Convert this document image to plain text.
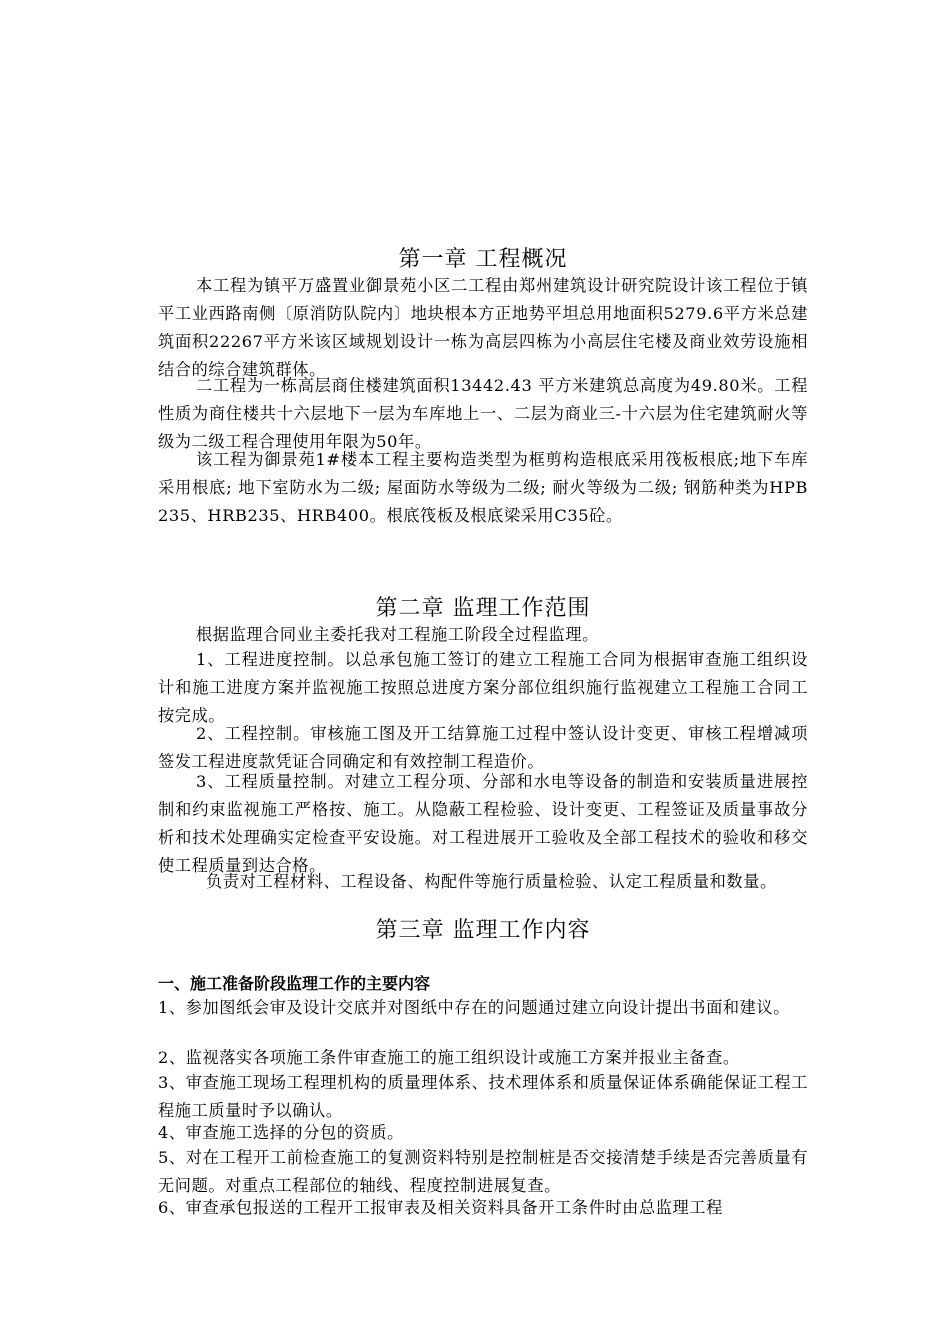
第一章 工程概况
本工程为镇平万盛置业御景苑小区二工程由郑州建筑设计研究院设计该工程位于镇平工业西路南侧〔原消防队院内〕地块根本方正地势平坦总用地面积5279.6平方米总建筑面积22267平方米该区域规划设计一栋为高层四栋为小高层住宅楼及商业效劳设施相结合的综合建筑群体。
二工程为一栋高层商住楼建筑面积13442.43 平方米建筑总高度为49.80米。工程性质为商住楼共十六层地下一层为车库地上一、二层为商业三-十六层为住宅建筑耐火等级为二级工程合理使用年限为50年。
该工程为御景苑1#楼本工程主要构造类型为框剪构造根底采用筏板根底;地下车库采用根底; 地下室防水为二级; 屋面防水等级为二级; 耐火等级为二级; 钢筋种类为HPB235、HRB235、HRB400。根底筏板及根底梁采用C35砼。
第二章 监理工作范围
根据监理合同业主委托我对工程施工阶段全过程监理。
1、工程进度控制。以总承包施工签订的建立工程施工合同为根据审查施工组织设计和施工进度方案并监视施工按照总进度方案分部位组织施行监视建立工程施工合同工按完成。
2、工程控制。审核施工图及开工结算施工过程中签认设计变更、审核工程增减项签发工程进度款凭证合同确定和有效控制工程造价。
3、工程质量控制。对建立工程分项、分部和水电等设备的制造和安装质量进展控制和约束监视施工严格按、施工。从隐蔽工程检验、设计变更、工程签证及质量事故分析和技术处理确实定检查平安设施。对工程进展开工验收及全部工程技术的验收和移交使工程质量到达合格。
负责对工程材料、工程设备、构配件等施行质量检验、认定工程质量和数量。
第三章 监理工作内容
一、施工准备阶段监理工作的主要内容
1、参加图纸会审及设计交底并对图纸中存在的问题通过建立向设计提出书面和建议。
2、监视落实各项施工条件审查施工的施工组织设计或施工方案并报业主备查。
3、审查施工现场工程理机构的质量理体系、技术理体系和质量保证体系确能保证工程工程施工质量时予以确认。
4、审查施工选择的分包的资质。
5、对在工程开工前检查施工的复测资料特别是控制桩是否交接清楚手续是否完善质量有无问题。对重点工程部位的轴线、程度控制进展复查。
6、审查承包报送的工程开工报审表及相关资料具备开工条件时由总监理工程
